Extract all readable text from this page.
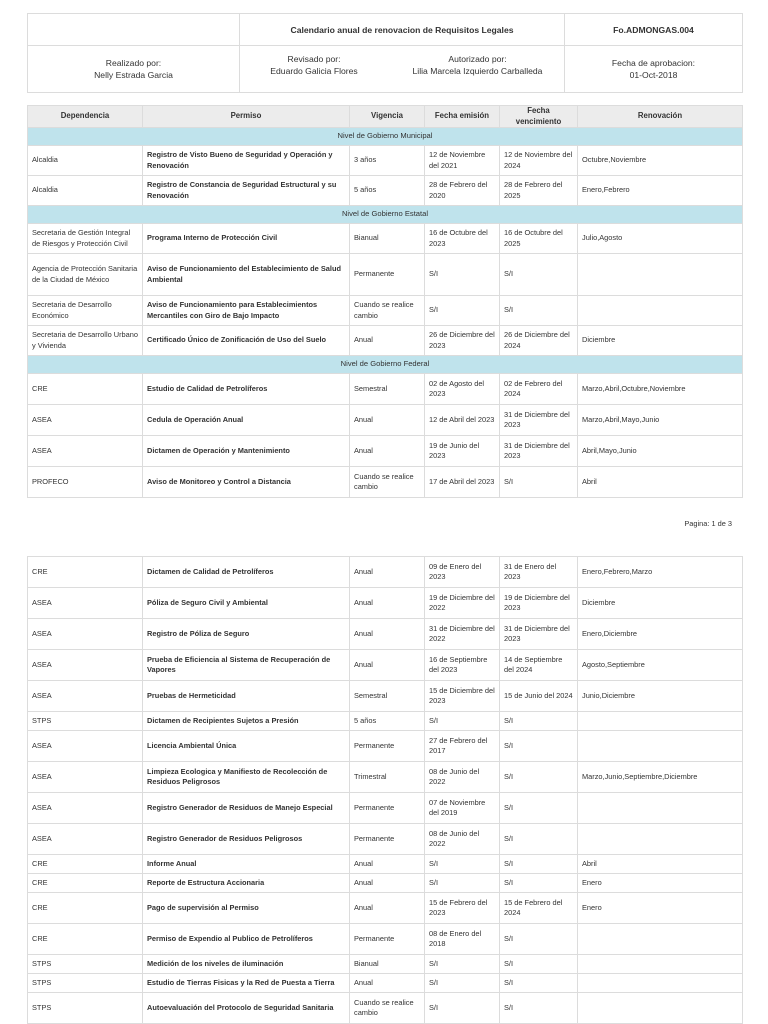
	Calendario anual de renovacion de Requisitos Legales	Fo.ADMONGAS.004
Realizado por:
Nelly Estrada Garcia

Fecha de aprobacion:
01-Oct-2018
Revisado por:
Eduardo Galicia Flores
Autorizado por:
Lilia Marcela Izquierdo Carballeda
Dependencia	Permiso	Vigencia	Fecha emisión	Fecha vencimiento	Renovación
Nivel de Gobierno Municipal					
Alcaldia	Registro de Visto Bueno de Seguridad y Operación y Renovación	3 años	12 de Noviembre del 2021	12 de Noviembre del 2024	Octubre,Noviembre
Alcaldia	Registro de Constancia de Seguridad Estructural y su Renovación	5 años	28 de Febrero del 2020	28 de Febrero del 2025	Enero,Febrero
Nivel de Gobierno Estatal					
Secretaria de Gestión Integral de Riesgos y Protección Civil	Programa Interno de Protección Civil	Bianual	16 de Octubre del 2023	16 de Octubre del 2025	Julio,Agosto
Agencia de Protección Sanitaria de la Ciudad de México	Aviso de Funcionamiento del Establecimiento de Salud Ambiental	Permanente	S/I	S/I	
Secretaria de Desarrollo Económico	Aviso de Funcionamiento para Establecimientos Mercantiles con Giro de Bajo Impacto	Cuando se realice cambio	S/I	S/I	
Secretaria de Desarrollo Urbano y Vivienda	Certificado Único de Zonificación de Uso del Suelo	Anual	26 de Diciembre del 2023	26 de Diciembre del 2024	Diciembre
Nivel de Gobierno Federal					
CRE	Estudio de Calidad de Petrolíferos	Semestral	02 de Agosto del 2023	02 de Febrero del 2024	Marzo,Abril,Octubre,Noviembre
ASEA	Cedula de Operación Anual	Anual	12 de Abril del 2023	31 de Diciembre del 2023	Marzo,Abril,Mayo,Junio
ASEA	Dictamen de Operación y Mantenimiento	Anual	19 de Junio del 2023	31 de Diciembre del 2023	Abril,Mayo,Junio
PROFECO	Aviso de Monitoreo y Control a Distancia	Cuando se realice cambio	17 de Abril del 2023	S/I	Abril
Pagina: 1 de 3
CRE	Dictamen de Calidad de Petrolíferos	Anual	09 de Enero del 2023	31 de Enero del 2023	Enero,Febrero,Marzo
ASEA	Póliza de Seguro Civil y Ambiental	Anual	19 de Diciembre del 2022	19 de Diciembre del 2023	Diciembre
ASEA	Registro de Póliza de Seguro	Anual	31 de Diciembre del 2022	31 de Diciembre del 2023	Enero,Diciembre
ASEA	Prueba de Eficiencia al Sistema de Recuperación de Vapores	Anual	16 de Septiembre del 2023	14 de Septiembre del 2024	Agosto,Septiembre
ASEA	Pruebas de Hermeticidad	Semestral	15 de Diciembre del 2023	15 de Junio del 2024	Junio,Diciembre
STPS	Dictamen de Recipientes Sujetos a Presión	5 años	S/I	S/I	
ASEA	Licencia Ambiental Única	Permanente	27 de Febrero del 2017	S/I	
ASEA	Limpieza Ecologica y Manifiesto de Recolección de Residuos Peligrosos	Trimestral	08 de Junio del 2022	S/I	Marzo,Junio,Septiembre,Diciembre
ASEA	Registro Generador de Residuos de Manejo Especial	Permanente	07 de Noviembre del 2019	S/I	
ASEA	Registro Generador de Residuos Peligrosos	Permanente	08 de Junio del 2022	S/I	
CRE	Informe Anual	Anual	S/I	S/I	Abril
CRE	Reporte de Estructura Accionaria	Anual	S/I	S/I	Enero
CRE	Pago de supervisión al Permiso	Anual	15 de Febrero del 2023	15 de Febrero del 2024	Enero
CRE	Permiso de Expendio al Publico de Petrolíferos	Permanente	08 de Enero del 2018	S/I	
STPS	Medición de los niveles de iluminación	Bianual	S/I	S/I	
STPS	Estudio de Tierras Fisicas y la Red de Puesta a Tierra	Anual	S/I	S/I	
STPS	Autoevaluación del Protocolo de Seguridad Sanitaria	Cuando se realice cambio	S/I	S/I	
